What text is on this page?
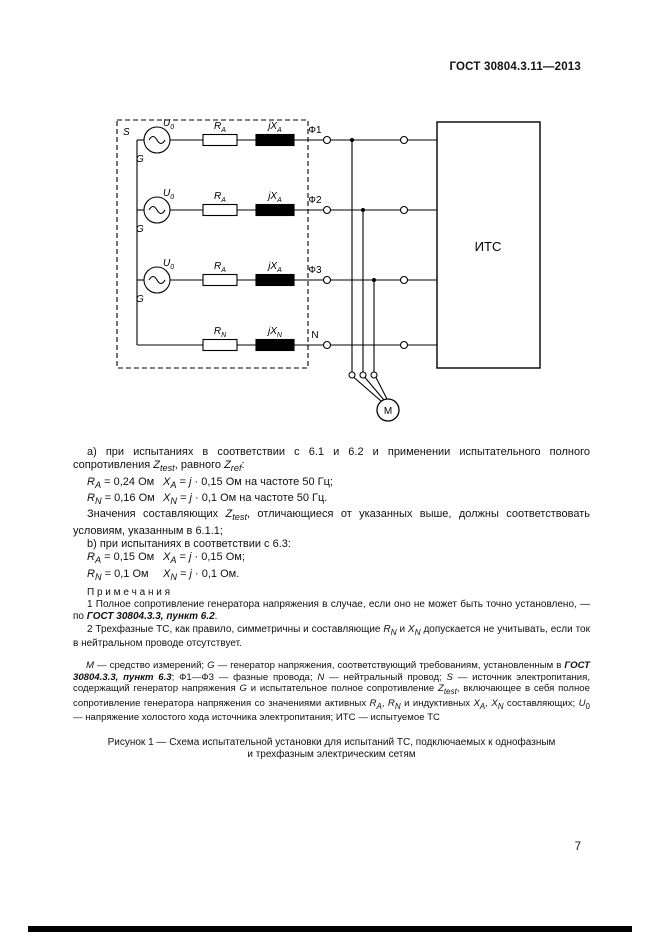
ГОСТ 30804.3.11—2013
S
ИТС
$U_0$
G
$R_A$	$jX_A$	Ф1
$U_0$
G
$R_A$	$jX_A$	Ф2
$U_0$
G
$R_A$	$jX_A$	Ф3
$R_N$	$jX_N$	N
М

а) при испытаниях в соответствии с 6.1 и 6.2 и применении испытательного полного сопротивления $Z_{test}$, равного $Z_{ref}$:

$R_A = 0,24$ Ом $X_A = j \cdot 0,15$ Ом на частоте 50 Гц;
$R_N = 0,16$ Ом $X_N = j \cdot 0,1$ Ом на частоте 50 Гц.

Значения составляющих $Z_{test}$, отличающиеся от указанных выше, должны соответствовать условиям, указанным в 6.1.1;

b) при испытаниях в соответствии с 6.3:

$R_A = 0,15$ Ом $X_A = j \cdot 0,15$ Ом;
$R_N = 0,1$ Ом $X_N = j \cdot 0,1$ Ом.

П р и м е ч а н и я

1 Полное сопротивление генератора напряжения в случае, если оно не может быть точно установлено, — по ГОСТ 30804.3.3, пункт 6.2.

2 Трехфазные ТС, как правило, симметричны и составляющие $R_N$ и $X_N$ допускается не учитывать, если ток в нейтральном проводе отсутствует.

М — средство измерений; G — генератор напряжения, соответствующий требованиям, установленным в ГОСТ 30804.3.3, пункт 6.3; Ф1—Ф3 — фазные провода; N — нейтральный провод; S — источник электропитания, содержащий генератор напряжения G и испытательное полное сопротивление $Z_{test}$, включающее в себя полное сопротивление генератора напряжения со значениями активных $R_A$, $R_N$ и индуктивных $X_A$, $X_N$ составляющих; $U_0$ — напряжение холостого хода источника электропитания; ИТС — испытуемое ТС

Рисунок 1 — Схема испытательной установки для испытаний ТС, подключаемых к однофазным
и трехфазным электрическим сетям

7
